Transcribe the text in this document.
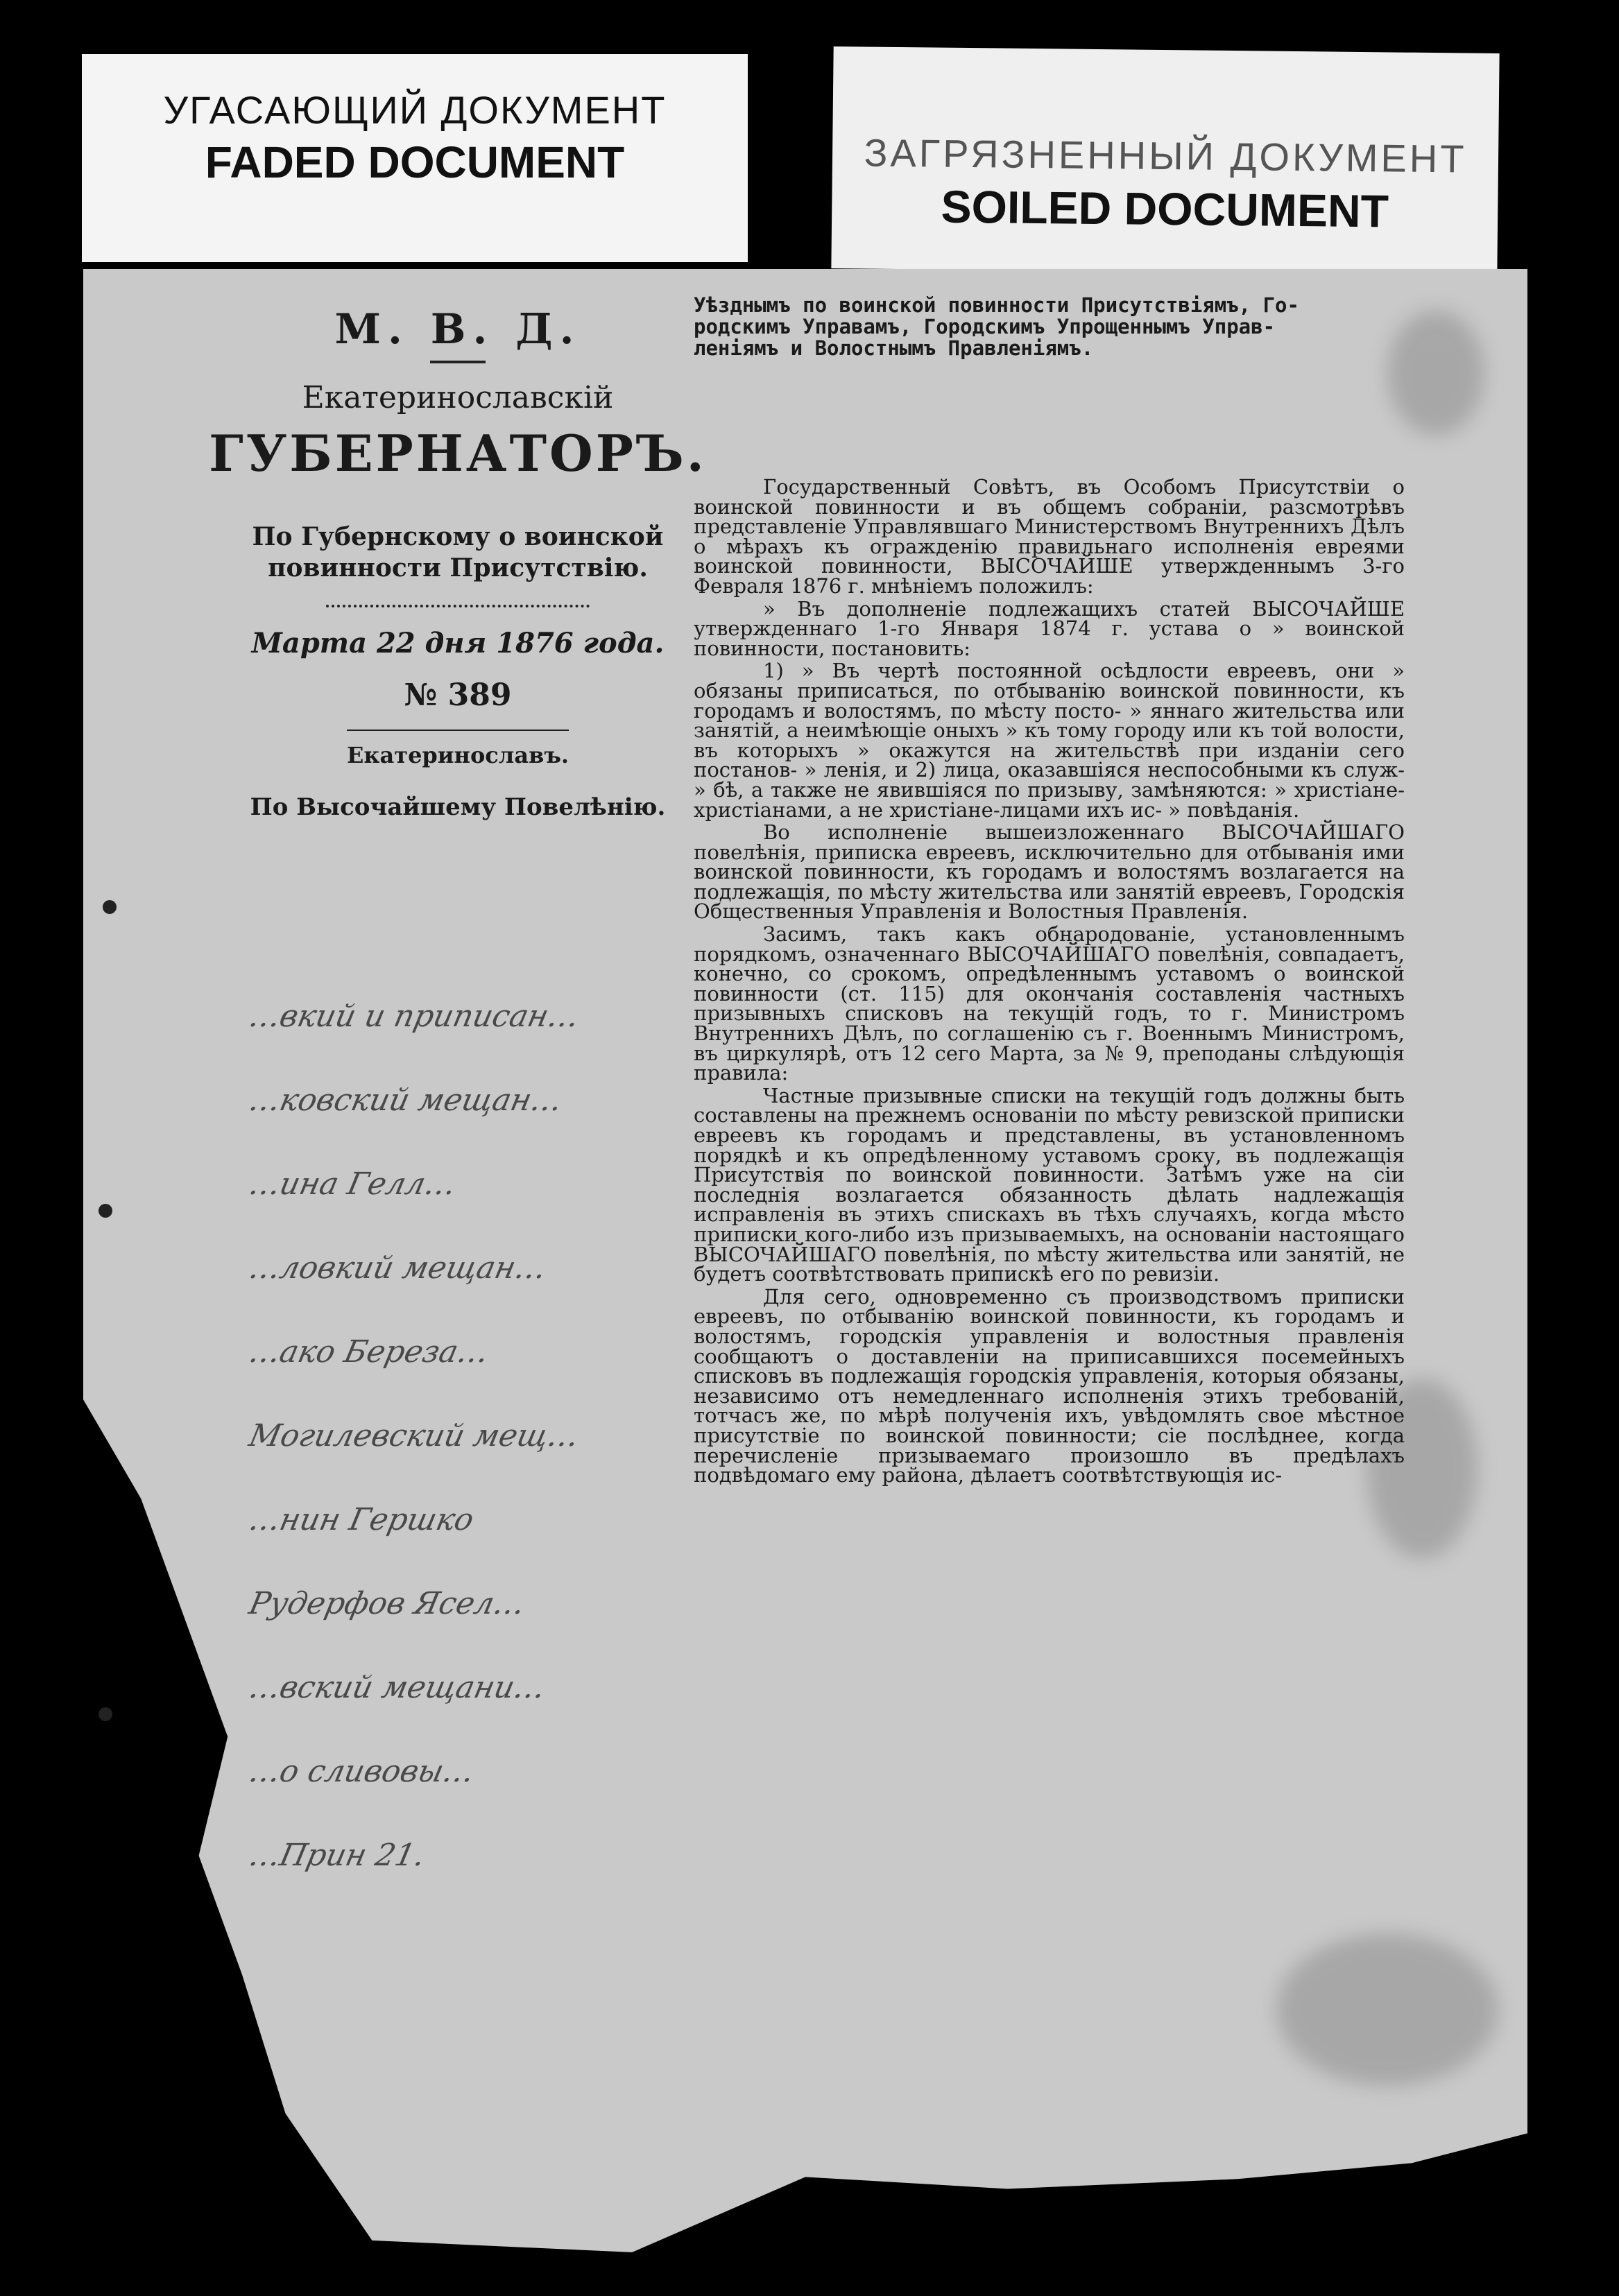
УГАСАЮЩИЙ ДОКУМЕНТ
FADED DOCUMENT	ЗАГРЯЗНЕННЫЙ ДОКУМЕНТ
SOILED DOCUMENT
М. В. Д.
Екатеринославскій
ГУБЕРНАТОРЪ.
По Губернскому о воинской
повинности Присутствію.
Марта 22 дня 1876 года.
№ 389
Екатеринославъ.
По Высочайшему Повелѣнію.
…вкий и приписан…
…ковский мещан…
…ина Гелл…
…ловкий мещан…
…ако Береза…
Могилевский мещ…
…нин Гершко
Рудерфов Ясел…
…вский мещани…
…о сливовы…
…Прин 21.
Уѣзднымъ по воинской повинности Присутствіямъ, Го-
родскимъ Управамъ, Городскимъ Упрощеннымъ Управ-
леніямъ и Волостнымъ Правленіямъ.

Государственный Совѣтъ, въ Особомъ Присутствіи о воинской повинности и въ общемъ собраніи, разсмотрѣвъ представленіе Управлявшаго Министерствомъ Внутреннихъ Дѣлъ о мѣрахъ къ огражденію правильнаго исполненія евреями воинской повинности, ВЫСОЧАЙШЕ утвержденнымъ 3-го Февраля 1876 г. мнѣніемъ положилъ:

» Въ дополненіе подлежащихъ статей ВЫСОЧАЙШЕ утвержденнаго 1-го Января 1874 г. устава о » воинской повинности, постановить:

1) » Въ чертѣ постоянной осѣдлости евреевъ, они » обязаны приписаться, по отбыванію воинской повинности, къ городамъ и волостямъ, по мѣсту посто- » яннаго жительства или занятій, а неимѣющіе оныхъ » къ тому городу или къ той волости, въ которыхъ » окажутся на жительствѣ при изданіи сего постанов- » ленія, и 2) лица, оказавшіяся неспособными къ служ- » бѣ, а также не явившіяся по призыву, замѣняются: » христіане-христіанами, а не христіане-лицами ихъ ис- » повѣданія.

Во исполненіе вышеизложеннаго ВЫСОЧАЙШАГО повелѣнія, приписка евреевъ, исключительно для отбыванія ими воинской повинности, къ городамъ и волостямъ возлагается на подлежащія, по мѣсту жительства или занятій евреевъ, Городскія Общественныя Управленія и Волостныя Правленія.

Засимъ, такъ какъ обнародованіе, установленнымъ порядкомъ, означеннаго ВЫСОЧАЙШАГО повелѣнія, совпадаетъ, конечно, со срокомъ, опредѣленнымъ уставомъ о воинской повинности (ст. 115) для окончанія составленія частныхъ призывныхъ списковъ на текущій годъ, то г. Министромъ Внутреннихъ Дѣлъ, по соглашенію съ г. Военнымъ Министромъ, въ циркулярѣ, отъ 12 сего Марта, за № 9, преподаны слѣдующія правила:

Частные призывные списки на текущій годъ должны быть составлены на прежнемъ основаніи по мѣсту ревизской приписки евреевъ къ городамъ и представлены, въ установленномъ порядкѣ и къ опредѣленному уставомъ сроку, въ подлежащія Присутствія по воинской повинности. Затѣмъ уже на сіи последнія возлагается обязанность дѣлать надлежащія исправленія въ этихъ спискахъ въ тѣхъ случаяхъ, когда мѣсто приписки кого-либо изъ призываемыхъ, на основаніи настоящаго ВЫСОЧАЙШАГО повелѣнія, по мѣсту жительства или занятій, не будетъ соотвѣтствовать припискѣ его по ревизіи.

Для сего, одновременно съ производствомъ приписки евреевъ, по отбыванію воинской повинности, къ городамъ и волостямъ, городскія управленія и волостныя правленія сообщаютъ о доставленіи на приписавшихся посемейныхъ списковъ въ подлежащія городскія управленія, которыя обязаны, независимо отъ немедленнаго исполненія этихъ требованій, тотчасъ же, по мѣрѣ полученія ихъ, увѣдомлять свое мѣстное присутствіе по воинской повинности; сіе послѣднее, когда перечисленіе призываемаго произошло въ предѣлахъ подвѣдомаго ему района, дѣлаетъ соотвѣтствующія ис-
